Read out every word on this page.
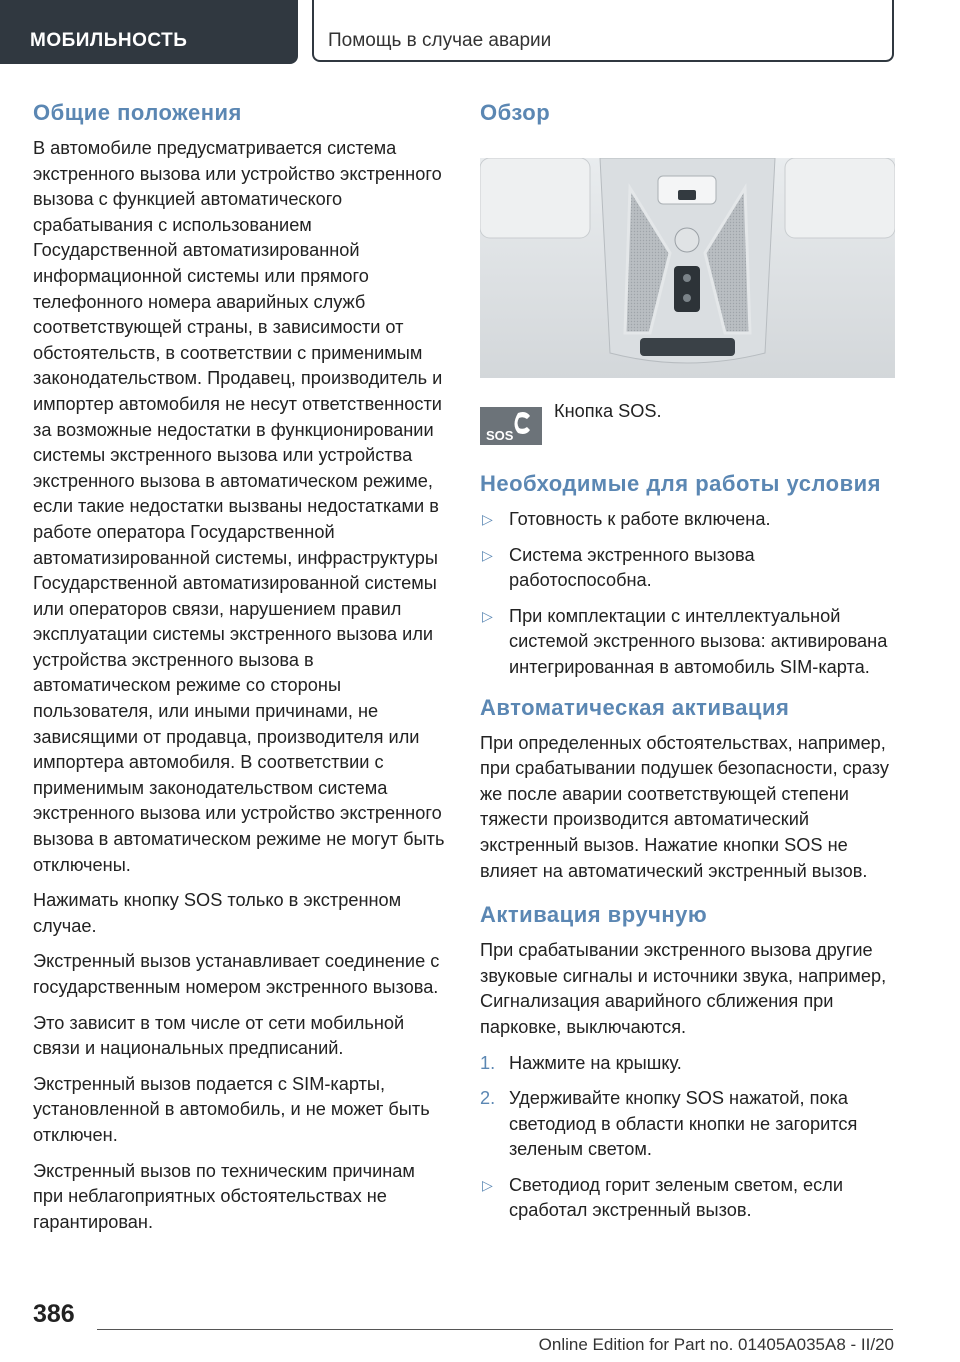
МОБИЛЬНОСТЬ	Помощь в случае аварии
Общие положения

В автомобиле предусматривается система экстренного вызова или устройство экстренного вызова с функцией автоматического срабатывания с использованием Государственной автоматизированной информационной системы или прямого телефонного номера аварийных служб соответствующей страны, в зависимости от обстоятельств, в соответствии с применимым законодательством. Продавец, производитель и импортер автомобиля не несут ответственности за возможные недостатки в функционировании системы экстренного вызова или устройства экстренного вызова в автоматическом режиме, если такие недостатки вызваны недостатками в работе оператора Государственной автоматизированной системы, инфраструктуры Государственной автоматизированной системы или операторов связи, нарушением правил эксплуатации системы экстренного вызова или устройства экстренного вызова в автоматическом режиме со стороны пользователя, или иными причинами, не зависящими от продавца, производителя или импортера автомобиля. В соответствии с применимым законодательством система экстренного вызова или устройство экстренного вызова в автоматическом режиме не могут быть отключены.

Нажимать кнопку SOS только в экстренном случае.

Экстренный вызов устанавливает соединение с государственным номером экстренного вызова.

Это зависит в том числе от сети мобильной связи и национальных предписаний.

Экстренный вызов подается с SIM-карты, установленной в автомобиль, и не может быть отключен.

Экстренный вызов по техническим причинам при неблагоприятных обстоятельствах не гарантирован.

Обзор
SOS
Кнопка SOS.
Необходимые для работы условия
▷ Готовность к работе включена.
▷ Система экстренного вызова работоспособна.
▷ При комплектации с интеллектуальной системой экстренного вызова: активирована интегрированная в автомобиль SIM-карта.
Автоматическая активация

При определенных обстоятельствах, например, при срабатывании подушек безопасности, сразу же после аварии соответствующей степени тяжести производится автоматический экстренный вызов. Нажатие кнопки SOS не влияет на автоматический экстренный вызов.

Активация вручную

При срабатывании экстренного вызова другие звуковые сигналы и источники звука, например, Сигнализация аварийного сближения при парковке, выключаются.

1. Нажмите на крышку.
2. Удерживайте кнопку SOS нажатой, пока светодиод в области кнопки не загорится зеленым светом.
▷ Светодиод горит зеленым светом, если сработал экстренный вызов.
386
Online Edition for Part no. 01405A035A8 - II/20
